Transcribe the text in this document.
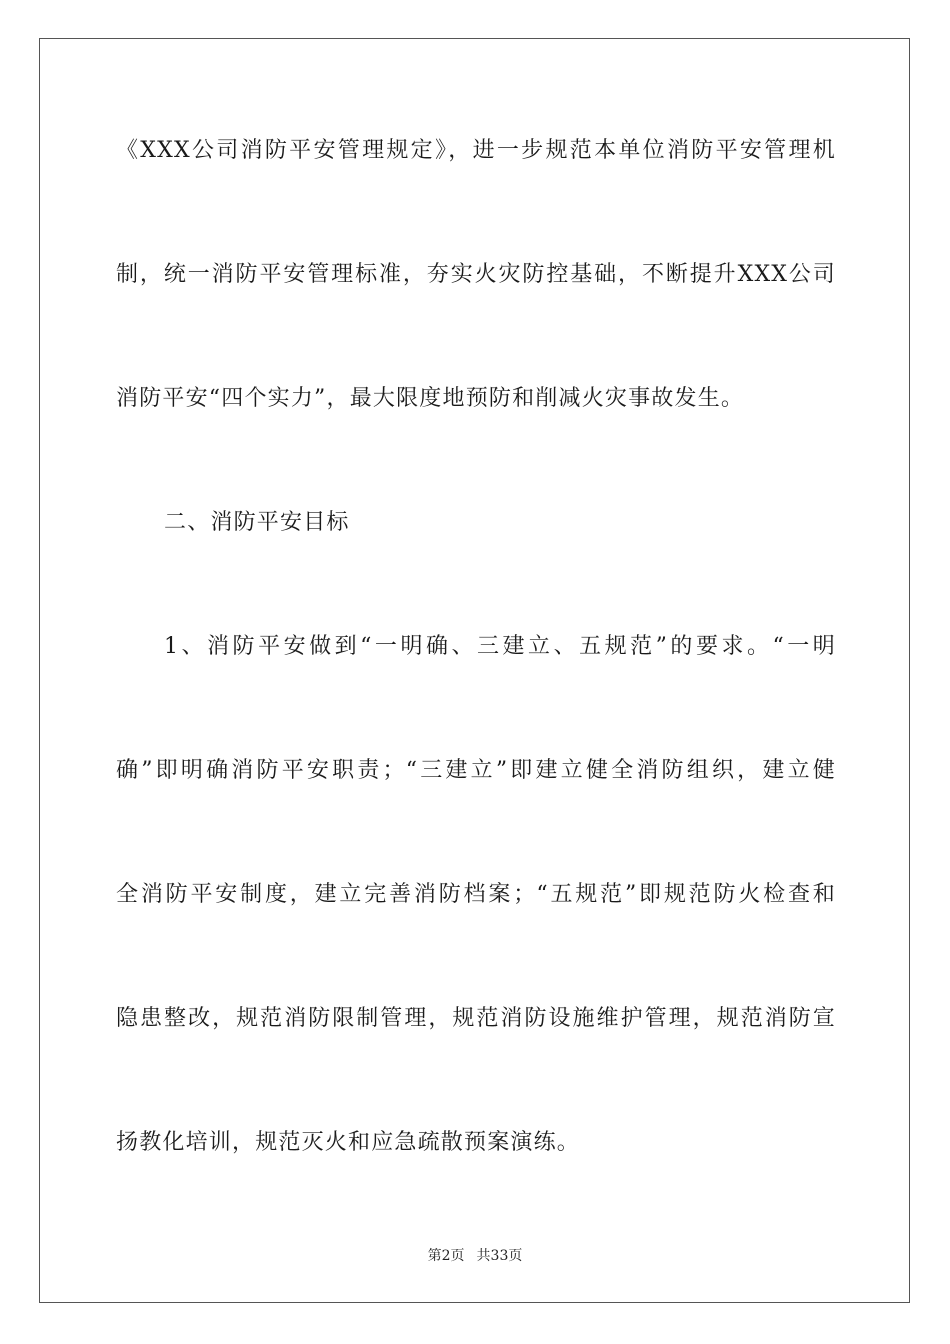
《XXX公司消防平安管理规定》，进一步规范本单位消防平安管理机
制，统一消防平安管理标准，夯实火灾防控基础，不断提升XXX公司
消防平安“四个实力”，最大限度地预防和削减火灾事故发生。
二、消防平安目标
1、消防平安做到“一明确、三建立、五规范”的要求。“一明
确”即明确消防平安职责；“三建立”即建立健全消防组织，建立健
全消防平安制度，建立完善消防档案；“五规范”即规范防火检查和
隐患整改，规范消防限制管理，规范消防设施维护管理，规范消防宣
扬教化培训，规范灭火和应急疏散预案演练。
第2页 共33页
